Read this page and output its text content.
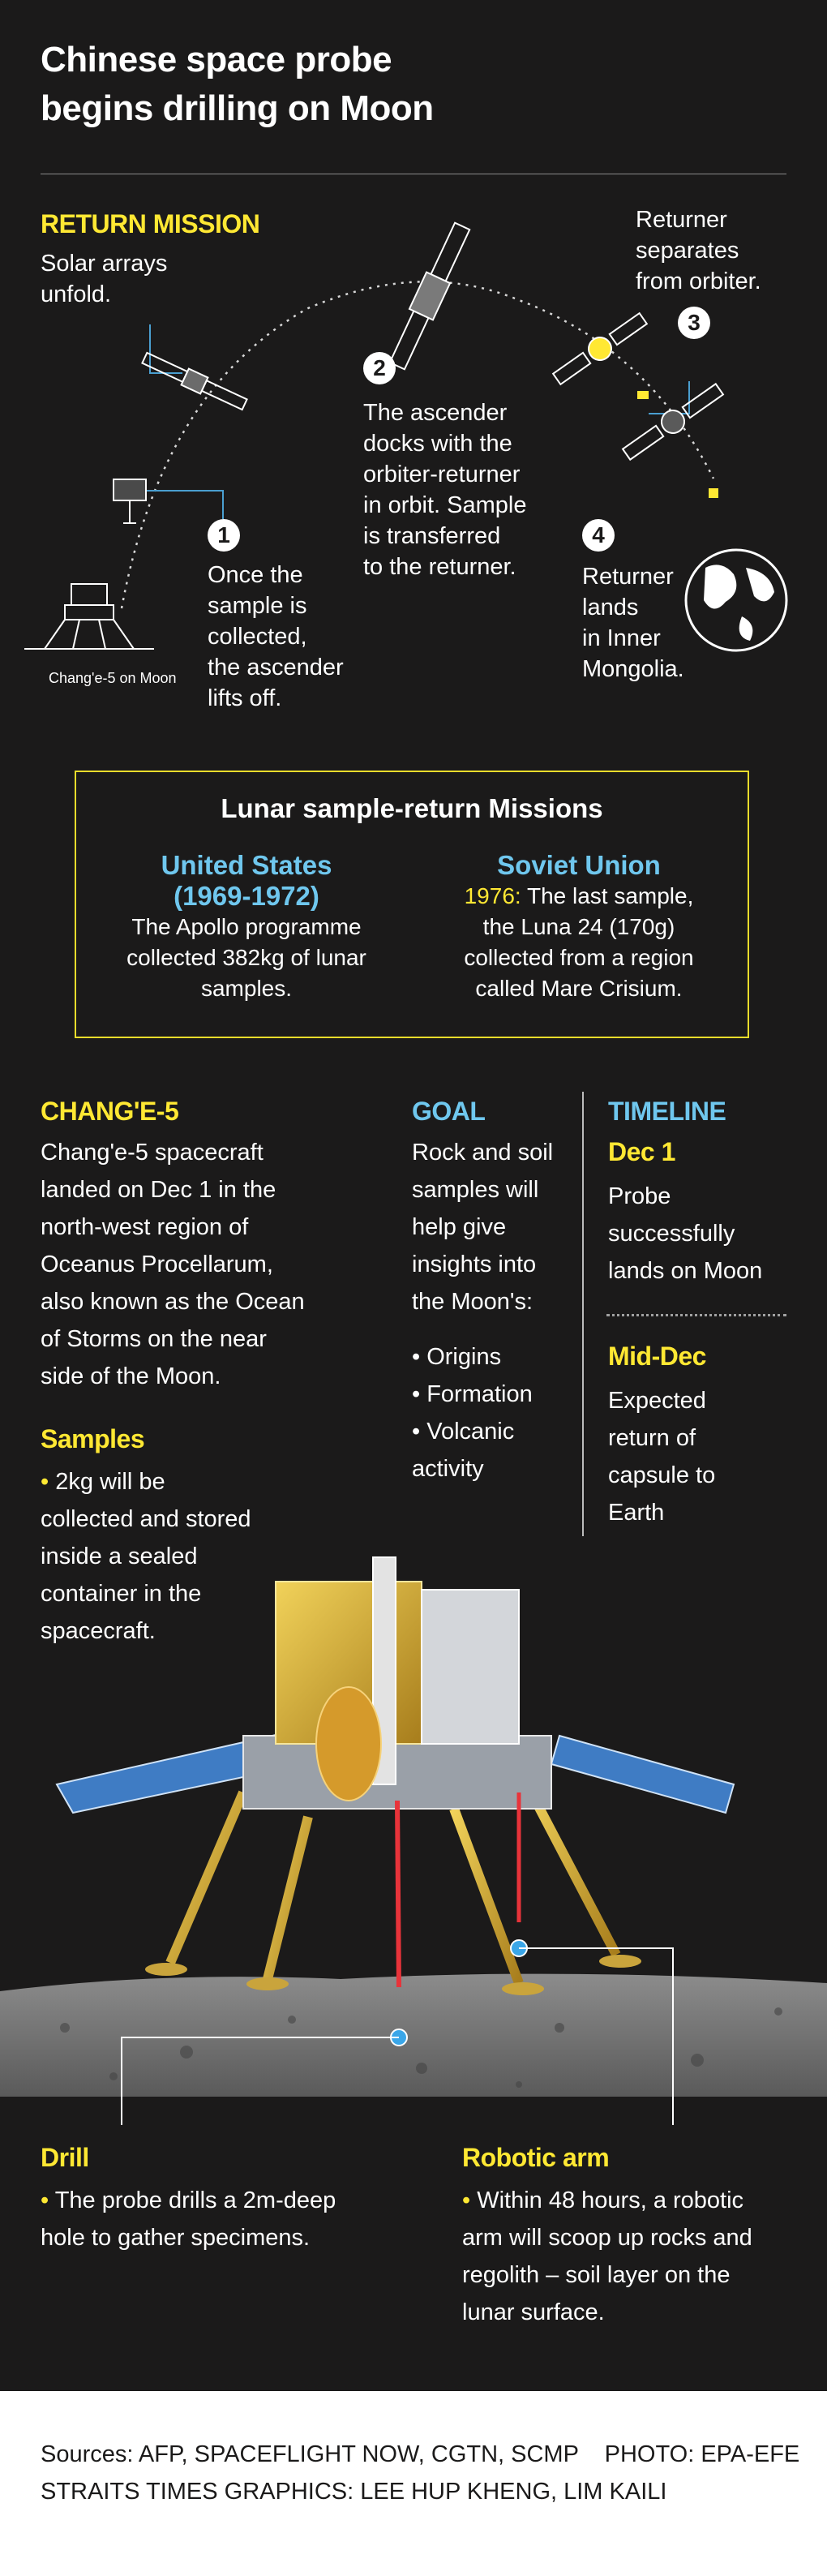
Chinese space probe
begins drilling on Moon
RETURN MISSION
Solar arrays
unfold.
Chang'e-5 on Moon
1
Once the
sample is
collected,
the ascender
lifts off.
2
The ascender
docks with the
orbiter-returner
in orbit. Sample
is transferred
to the returner.
3
Returner
separates
from orbiter.
4
Returner
lands
in Inner
Mongolia.
Lunar sample-return Missions
United States
(1969-1972)
The Apollo programme
collected 382kg of lunar
samples.
Soviet Union
1976: The last sample,
the Luna 24 (170g)
collected from a region
called Mare Crisium.
CHANG'E-5
Chang'e-5 spacecraft
landed on Dec 1 in the
north-west region of
Oceanus Procellarum,
also known as the Ocean
of Storms on the near
side of the Moon.
Samples
• 2kg will be
collected and stored
inside a sealed
container in the
spacecraft.
GOAL
Rock and soil
samples will
help give
insights into
the Moon's:
• Origins
• Formation
• Volcanic
activity
TIMELINE
Dec 1
Probe
successfully
lands on Moon
Mid-Dec
Expected
return of
capsule to
Earth
Drill
• The probe drills a 2m-deep
hole to gather specimens.
Robotic arm
• Within 48 hours, a robotic
arm will scoop up rocks and
regolith – soil layer on the
lunar surface.
Sources: AFP, SPACEFLIGHT NOW, CGTN, SCMP    PHOTO: EPA-EFE
STRAITS TIMES GRAPHICS: LEE HUP KHENG, LIM KAILI
